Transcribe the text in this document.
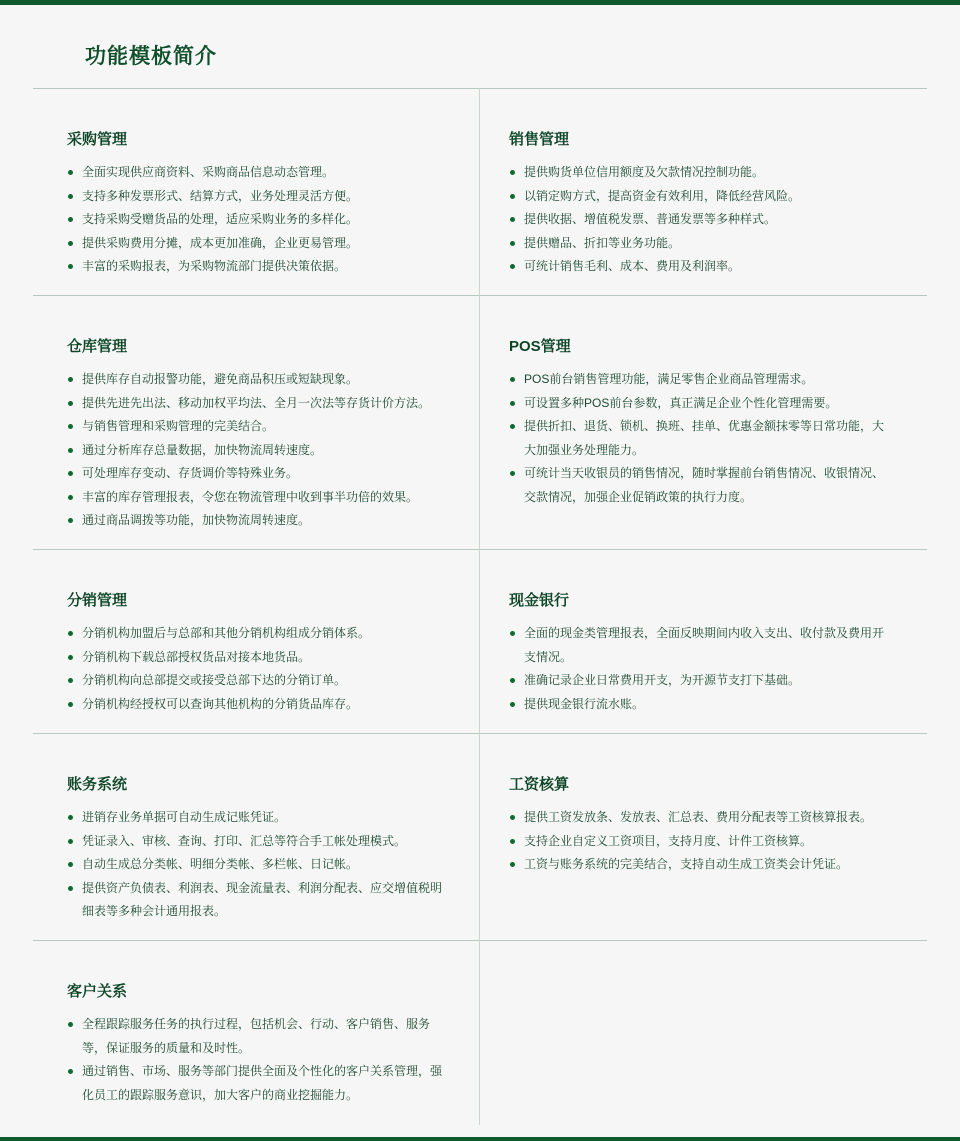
功能模板简介
采购管理
全面实现供应商资料、采购商品信息动态管理。
支持多种发票形式、结算方式，业务处理灵活方便。
支持采购受赠货品的处理，适应采购业务的多样化。
提供采购费用分摊，成本更加准确，企业更易管理。
丰富的采购报表，为采购物流部门提供决策依据。
销售管理
提供购货单位信用额度及欠款情况控制功能。
以销定购方式，提高资金有效利用，降低经营风险。
提供收据、增值税发票、普通发票等多种样式。
提供赠品、折扣等业务功能。
可统计销售毛利、成本、费用及利润率。
仓库管理
提供库存自动报警功能，避免商品积压或短缺现象。
提供先进先出法、移动加权平均法、全月一次法等存货计价方法。
与销售管理和采购管理的完美结合。
通过分析库存总量数据，加快物流周转速度。
可处理库存变动、存货调价等特殊业务。
丰富的库存管理报表，令您在物流管理中收到事半功倍的效果。
通过商品调拨等功能，加快物流周转速度。
POS管理
POS前台销售管理功能，满足零售企业商品管理需求。
可设置多种POS前台参数，真正满足企业个性化管理需要。
提供折扣、退货、锁机、换班、挂单、优惠金额抹零等日常功能，大大加强业务处理能力。
可统计当天收银员的销售情况，随时掌握前台销售情况、收银情况、交款情况，加强企业促销政策的执行力度。
分销管理
分销机构加盟后与总部和其他分销机构组成分销体系。
分销机构下载总部授权货品对接本地货品。
分销机构向总部提交或接受总部下达的分销订单。
分销机构经授权可以查询其他机构的分销货品库存。
现金银行
全面的现金类管理报表，全面反映期间内收入支出、收付款及费用开支情况。
准确记录企业日常费用开支，为开源节支打下基础。
提供现金银行流水账。
账务系统
进销存业务单据可自动生成记账凭证。
凭证录入、审核、查询、打印、汇总等符合手工帐处理模式。
自动生成总分类帐、明细分类帐、多栏帐、日记帐。
提供资产负债表、利润表、现金流量表、利润分配表、应交增值税明细表等多种会计通用报表。
工资核算
提供工资发放条、发放表、汇总表、费用分配表等工资核算报表。
支持企业自定义工资项目，支持月度、计件工资核算。
工资与账务系统的完美结合，支持自动生成工资类会计凭证。
客户关系
全程跟踪服务任务的执行过程，包括机会、行动、客户销售、服务等，保证服务的质量和及时性。
通过销售、市场、服务等部门提供全面及个性化的客户关系管理，强化员工的跟踪服务意识，加大客户的商业挖掘能力。
